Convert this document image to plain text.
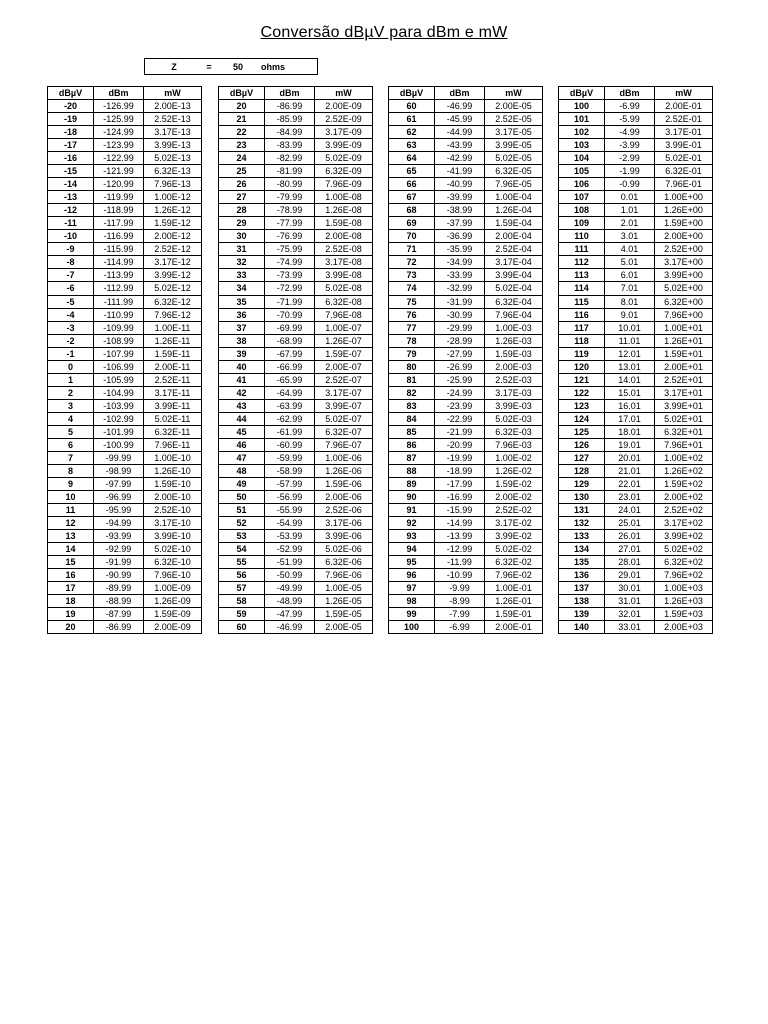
Conversão dBµV para dBm e mW
Z	= 50 ohms
dBµV	dBm	mW
-20	-126.99	2.00E-13
-19	-125.99	2.52E-13
-18	-124.99	3.17E-13
-17	-123.99	3.99E-13
-16	-122.99	5.02E-13
-15	-121.99	6.32E-13
-14	-120.99	7.96E-13
-13	-119.99	1.00E-12
-12	-118.99	1.26E-12
-11	-117.99	1.59E-12
-10	-116.99	2.00E-12
-9	-115.99	2.52E-12
-8	-114.99	3.17E-12
-7	-113.99	3.99E-12
-6	-112.99	5.02E-12
-5	-111.99	6.32E-12
-4	-110.99	7.96E-12
-3	-109.99	1.00E-11
-2	-108.99	1.26E-11
-1	-107.99	1.59E-11
0	-106.99	2.00E-11
1	-105.99	2.52E-11
2	-104.99	3.17E-11
3	-103.99	3.99E-11
4	-102.99	5.02E-11
5	-101.99	6.32E-11
6	-100.99	7.96E-11
7	-99.99	1.00E-10
8	-98.99	1.26E-10
9	-97.99	1.59E-10
10	-96.99	2.00E-10
11	-95.99	2.52E-10
12	-94.99	3.17E-10
13	-93.99	3.99E-10
14	-92.99	5.02E-10
15	-91.99	6.32E-10
16	-90.99	7.96E-10
17	-89.99	1.00E-09
18	-88.99	1.26E-09
19	-87.99	1.59E-09
20	-86.99	2.00E-09
dBµV	dBm	mW
20	-86.99	2.00E-09
21	-85.99	2.52E-09
22	-84.99	3.17E-09
23	-83.99	3.99E-09
24	-82.99	5.02E-09
25	-81.99	6.32E-09
26	-80.99	7.96E-09
27	-79.99	1.00E-08
28	-78.99	1.26E-08
29	-77.99	1.59E-08
30	-76.99	2.00E-08
31	-75.99	2.52E-08
32	-74.99	3.17E-08
33	-73.99	3.99E-08
34	-72.99	5.02E-08
35	-71.99	6.32E-08
36	-70.99	7.96E-08
37	-69.99	1.00E-07
38	-68.99	1.26E-07
39	-67.99	1.59E-07
40	-66.99	2.00E-07
41	-65.99	2.52E-07
42	-64.99	3.17E-07
43	-63.99	3.99E-07
44	-62.99	5.02E-07
45	-61.99	6.32E-07
46	-60.99	7.96E-07
47	-59.99	1.00E-06
48	-58.99	1.26E-06
49	-57.99	1.59E-06
50	-56.99	2.00E-06
51	-55.99	2.52E-06
52	-54.99	3.17E-06
53	-53.99	3.99E-06
54	-52.99	5.02E-06
55	-51.99	6.32E-06
56	-50.99	7.96E-06
57	-49.99	1.00E-05
58	-48.99	1.26E-05
59	-47.99	1.59E-05
60	-46.99	2.00E-05
dBµV	dBm	mW
60	-46.99	2.00E-05
61	-45.99	2.52E-05
62	-44.99	3.17E-05
63	-43.99	3.99E-05
64	-42.99	5.02E-05
65	-41.99	6.32E-05
66	-40.99	7.96E-05
67	-39.99	1.00E-04
68	-38.99	1.26E-04
69	-37.99	1.59E-04
70	-36.99	2.00E-04
71	-35.99	2.52E-04
72	-34.99	3.17E-04
73	-33.99	3.99E-04
74	-32.99	5.02E-04
75	-31.99	6.32E-04
76	-30.99	7.96E-04
77	-29.99	1.00E-03
78	-28.99	1.26E-03
79	-27.99	1.59E-03
80	-26.99	2.00E-03
81	-25.99	2.52E-03
82	-24.99	3.17E-03
83	-23.99	3.99E-03
84	-22.99	5.02E-03
85	-21.99	6.32E-03
86	-20.99	7.96E-03
87	-19.99	1.00E-02
88	-18.99	1.26E-02
89	-17.99	1.59E-02
90	-16.99	2.00E-02
91	-15.99	2.52E-02
92	-14.99	3.17E-02
93	-13.99	3.99E-02
94	-12.99	5.02E-02
95	-11.99	6.32E-02
96	-10.99	7.96E-02
97	-9.99	1.00E-01
98	-8.99	1.26E-01
99	-7.99	1.59E-01
100	-6.99	2.00E-01
dBµV	dBm	mW
100	-6.99	2.00E-01
101	-5.99	2.52E-01
102	-4.99	3.17E-01
103	-3.99	3.99E-01
104	-2.99	5.02E-01
105	-1.99	6.32E-01
106	-0.99	7.96E-01
107	0.01	1.00E+00
108	1.01	1.26E+00
109	2.01	1.59E+00
110	3.01	2.00E+00
111	4.01	2.52E+00
112	5.01	3.17E+00
113	6.01	3.99E+00
114	7.01	5.02E+00
115	8.01	6.32E+00
116	9.01	7.96E+00
117	10.01	1.00E+01
118	11.01	1.26E+01
119	12.01	1.59E+01
120	13.01	2.00E+01
121	14.01	2.52E+01
122	15.01	3.17E+01
123	16.01	3.99E+01
124	17.01	5.02E+01
125	18.01	6.32E+01
126	19.01	7.96E+01
127	20.01	1.00E+02
128	21.01	1.26E+02
129	22.01	1.59E+02
130	23.01	2.00E+02
131	24.01	2.52E+02
132	25.01	3.17E+02
133	26.01	3.99E+02
134	27.01	5.02E+02
135	28.01	6.32E+02
136	29.01	7.96E+02
137	30.01	1.00E+03
138	31.01	1.26E+03
139	32.01	1.59E+03
140	33.01	2.00E+03
